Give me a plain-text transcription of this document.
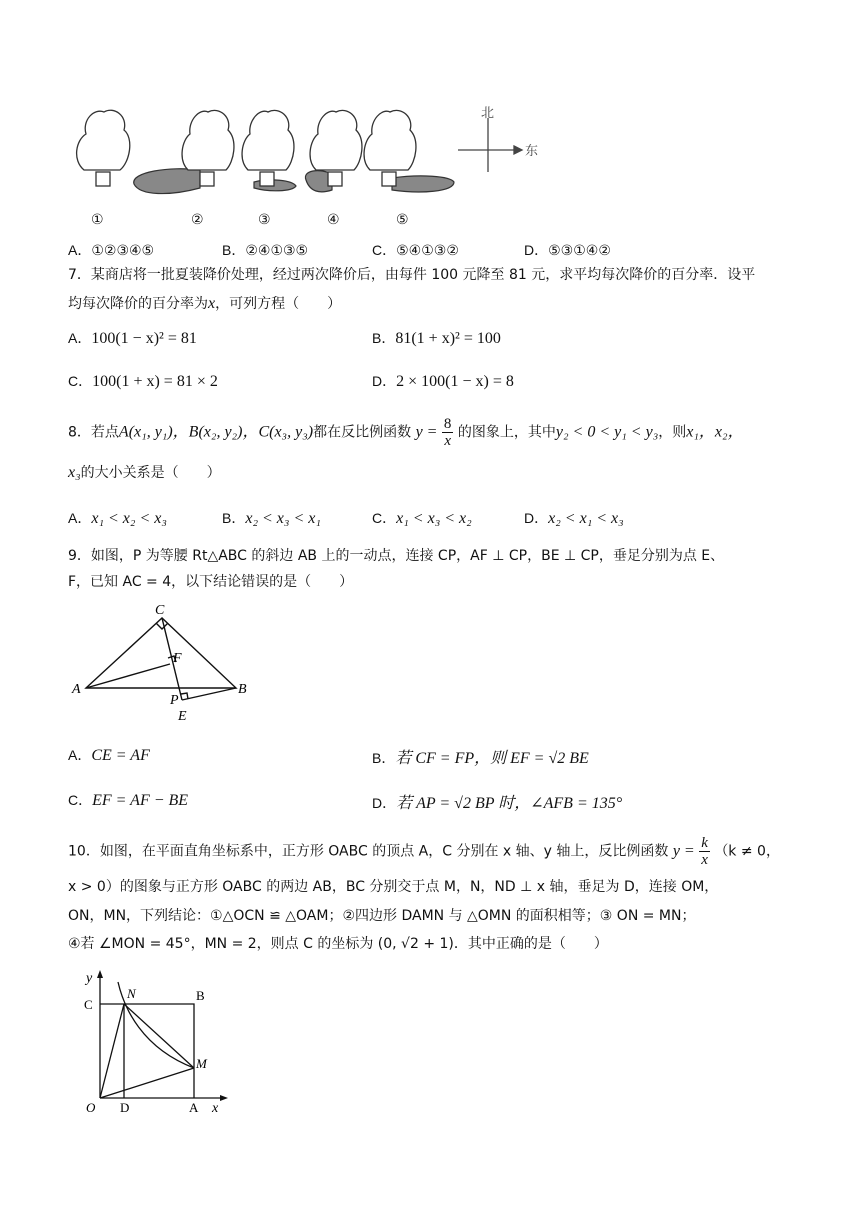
北
东
①	②	③	④	⑤
A．①②③④⑤	B．②④①③⑤	C．⑤④①③②	D．⑤③①④②
7．某商店将一批夏装降价处理，经过两次降价后，由每件 100 元降至 81 元，求平均每次降价的百分率．设平
均每次降价的百分率为x，可列方程（　　）
A．100(1 − x)² = 81	B．81(1 + x)² = 100
C．100(1 + x) = 81 × 2	D．2 × 100(1 − x) = 8
8．若点A(x₁, y₁)，B(x₂, y₂)，C(x₃, y₃)都在反比例函数 $y = \frac{8}{x}$ 的图象上，其中y₂ < 0 < y₁ < y₃，则x₁，x₂，
x₃的大小关系是（　　）
A．x₁ < x₂ < x₃	B．x₂ < x₃ < x₁	C．x₁ < x₃ < x₂	D．x₂ < x₁ < x₃
9．如图，P 为等腰 Rt△ABC 的斜边 AB 上的一动点，连接 CP，AF ⊥ CP，BE ⊥ CP，垂足分别为点 E、
F，已知 AC = 4，以下结论错误的是（　　）
C
F
A	B
P
E
A．CE = AF	B．若 CF = FP，则 EF = √2 BE
C．EF = AF − BE	D．若 AP = √2 BP 时，∠AFB = 135°
10．如图，在平面直角坐标系中，正方形 OABC 的顶点 A，C 分别在 x 轴、y 轴上，反比例函数 $y = \frac{k}{x} (k \ne 0$，
x > 0）的图象与正方形 OABC 的两边 AB，BC 分别交于点 M，N，ND ⊥ x 轴，垂足为 D，连接 OM，
ON，MN，下列结论：①△OCN ≌ △OAM；②四边形 DAMN 与 △OMN 的面积相等；③ ON = MN；
④若 ∠MON = 45°，MN = 2，则点 C 的坐标为 (0, √2 + 1)．其中正确的是（　　）
y
x
C
N	B
M
O D	A
